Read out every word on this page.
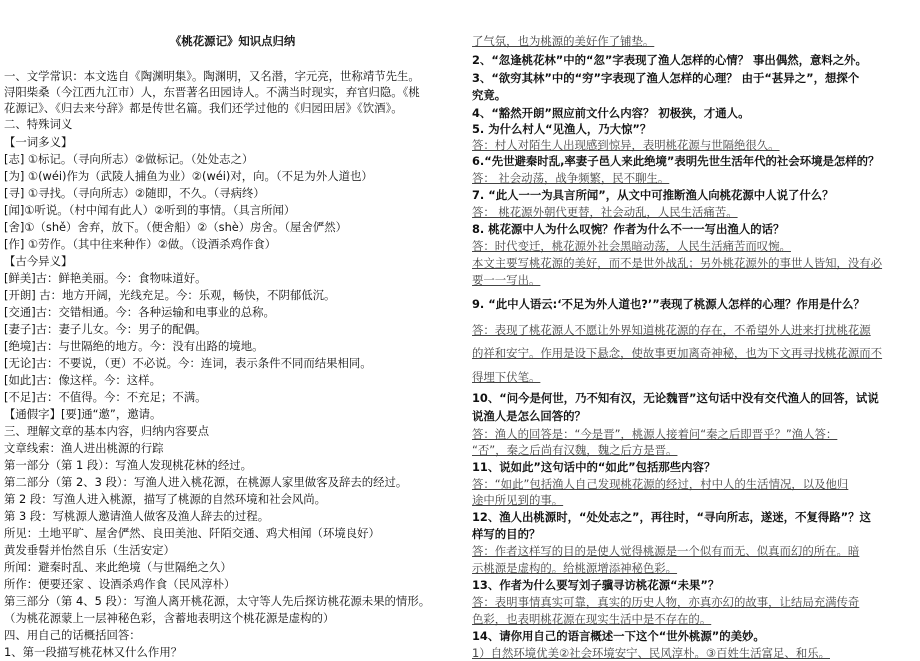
《桃花源记》知识点归纳
一、文学常识：本文选自《陶渊明集》。陶渊明，又名潜，字元亮，世称靖节先生。
浔阳柴桑（今江西九江市）人，东晋著名田园诗人。不满当时现实，弃官归隐。《桃
花源记》、《归去来兮辞》都是传世名篇。我们还学过他的《归园田居》《饮酒》。
二、特殊词义
【一词多义】
[志] ①标记。（寻向所志）②做标记。（处处志之）
[为] ①(wéi)作为（武陵人捕鱼为业）②(wéi)对，向。（不足为外人道也）
[寻] ①寻找。（寻向所志）②随即，不久。（寻病终）
[闻]①听说。（村中闻有此人）②听到的事情。（具言所闻）
[舍]①（shě）舍弃，放下。（便舍船）②（shè）房舍。（屋舍俨然）
[作] ①劳作。（其中往来种作）②做。（设酒杀鸡作食）
【古今异义】
[鲜美]古：鲜艳美丽。今：食物味道好。
[开朗] 古：地方开阔，光线充足。今：乐观，畅快，不阴郁低沉。
[交通]古：交错相通。今：各种运输和电事业的总称。
[妻子]古：妻子儿女。今：男子的配偶。
[绝境]古：与世隔绝的地方。今：没有出路的境地。
[无论]古：不要说，（更）不必说。今：连词，表示条件不同而结果相同。
[如此]古：像这样。今：这样。
[不足]古：不值得。今：不充足；不满。
【通假字】[要]通“邀”，邀请。
三、理解文章的基本内容，归纳内容要点
文章线索：渔人进出桃源的行踪
第一部分（第 1 段）：写渔人发现桃花林的经过。
第二部分（第 2、3 段）：写渔人进入桃花源，在桃源人家里做客及辞去的经过。
第 2 段：写渔人进入桃源，描写了桃源的自然环境和社会风尚。
第 3 段：写桃源人邀请渔人做客及渔人辞去的过程。
所见：土地平旷、屋舍俨然、良田美池、阡陌交通、鸡犬相闻（环境良好）
黄发垂髫并怡然自乐（生活安定）
所闻：避秦时乱、来此绝境（与世隔绝之久）
所作：便要还家 、设酒杀鸡作食（民风淳朴）
第三部分（第 4、5 段）：写渔人离开桃花源，太守等人先后探访桃花源未果的情形。
（为桃花源蒙上一层神秘色彩，含蓄地表明这个桃花源是虚构的）
四、用自己的话概括回答：
1、第一段描写桃花林又什么作用？
了气氛，也为桃源的美好作了铺垫。
2、“忽逢桃花林”中的“忽”字表现了渔人怎样的心情？ 事出偶然，意料之外。
3、“欲穷其林”中的“穷”字表现了渔人怎样的心理？ 由于“甚异之”，想探个
究竟。
4、“豁然开朗”照应前文什么内容？ 初极狭，才通人。
5. 为什么村人“见渔人，乃大惊”？
答：村人对陌生人出现感到惊异，表明桃花源与世隔绝很久。
6.“先世避秦时乱,率妻子邑人来此绝境”表明先世生活年代的社会环境是怎样的？
答： 社会动荡，战争频繁，民不聊生。
7. “此人一一为具言所闻”，从文中可推断渔人向桃花源中人说了什么？
答： 桃花源外朝代更替，社会动乱，人民生活痛苦。
8. 桃花源中人为什么叹惋？作者为什么不一一写出渔人的话？
答：时代变迁，桃花源外社会黑暗动荡，人民生活痛苦而叹惋。
本文主要写桃花源的美好，而不是世外战乱；另外桃花源外的事世人皆知，没有必
要一一写出。
9. “此中人语云:‘不足为外人道也?’”表现了桃源人怎样的心理？作用是什么？
答：表现了桃花源人不愿让外界知道桃花源的存在，不希望外人进来打扰桃花源
的祥和安宁。作用是设下悬念，使故事更加离奇神秘，也为下文再寻找桃花源而不
得埋下伏笔。
10、“问今是何世，乃不知有汉，无论魏晋”这句话中没有交代渔人的回答，试说
说渔人是怎么回答的？
答：渔人的回答是：“今是晋”，桃源人接着问“秦之后即晋乎？”渔人答：
“否”，秦之后尚有汉魏，魏之后方是晋。
11、说如此”这句话中的“如此”包括那些内容？
答：“如此”包括渔人自己发现桃花源的经过，村中人的生活情况，以及他归
途中所见到的事。
12、渔人出桃源时，“处处志之”，再往时，“寻向所志，遂迷，不复得路”？这
样写的目的？
答：作者这样写的目的是使人觉得桃源是一个似有而无、似真而幻的所在。暗
示桃源是虚构的。给桃源增添神秘色彩。
13、作者为什么要写刘子骥寻访桃花源“未果”？
答：表明事情真实可靠，真实的历史人物，亦真亦幻的故事，让结局充满传奇
色彩，也表明桃花源在现实生活中是不存在的。
14、请你用自己的语言概述一下这个“世外桃源”的美妙。
1）自然环境优美②社会环境安宁、民风淳朴。③百姓生活富足、和乐。
